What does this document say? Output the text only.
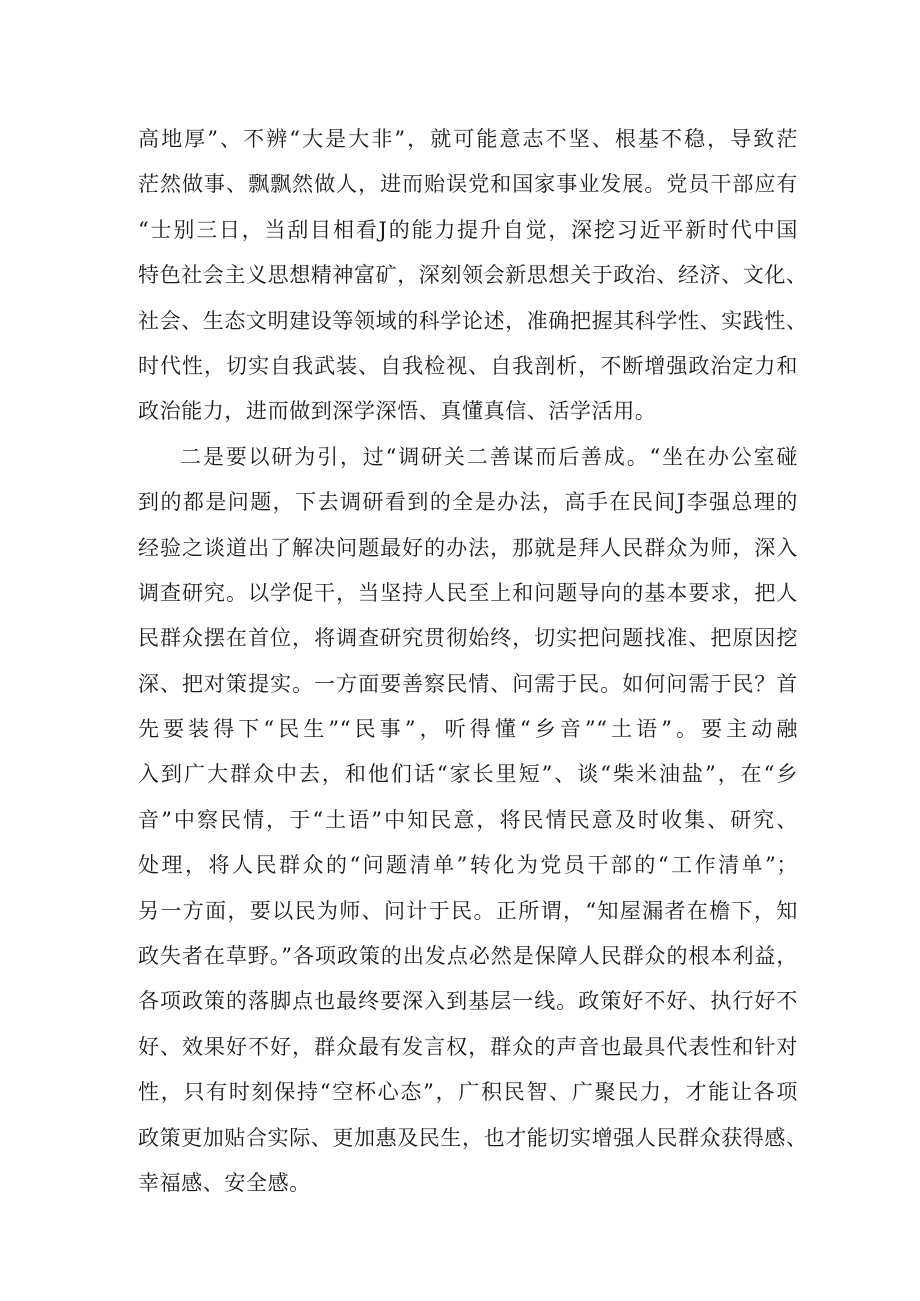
高地厚”、不辨“大是大非”，就可能意志不坚、根基不稳，导致茫
茫然做事、飘飘然做人，进而贻误党和国家事业发展。党员干部应有
“士别三日，当刮目相看J的能力提升自觉，深挖习近平新时代中国
特色社会主义思想精神富矿，深刻领会新思想关于政治、经济、文化、
社会、生态文明建设等领域的科学论述，准确把握其科学性、实践性、
时代性，切实自我武装、自我检视、自我剖析，不断增强政治定力和
政治能力，进而做到深学深悟、真懂真信、活学活用。
二是要以研为引，过“调研关二善谋而后善成。“坐在办公室碰
到的都是问题，下去调研看到的全是办法，高手在民间J李强总理的
经验之谈道出了解决问题最好的办法，那就是拜人民群众为师，深入
调查研究。以学促干，当坚持人民至上和问题导向的基本要求，把人
民群众摆在首位，将调查研究贯彻始终，切实把问题找准、把原因挖
深、把对策提实。一方面要善察民情、问需于民。如何问需于民？首
先要装得下“民生”“民事”，听得懂“乡音”“土语”。要主动融
入到广大群众中去，和他们话“家长里短”、谈“柴米油盐”，在“乡
音”中察民情，于“土语”中知民意，将民情民意及时收集、研究、
处理，将人民群众的“问题清单”转化为党员干部的“工作清单”；
另一方面，要以民为师、问计于民。正所谓，“知屋漏者在檐下，知
政失者在草野。”各项政策的出发点必然是保障人民群众的根本利益，
各项政策的落脚点也最终要深入到基层一线。政策好不好、执行好不
好、效果好不好，群众最有发言权，群众的声音也最具代表性和针对
性，只有时刻保持“空杯心态”，广积民智、广聚民力，才能让各项
政策更加贴合实际、更加惠及民生，也才能切实增强人民群众获得感、
幸福感、安全感。
